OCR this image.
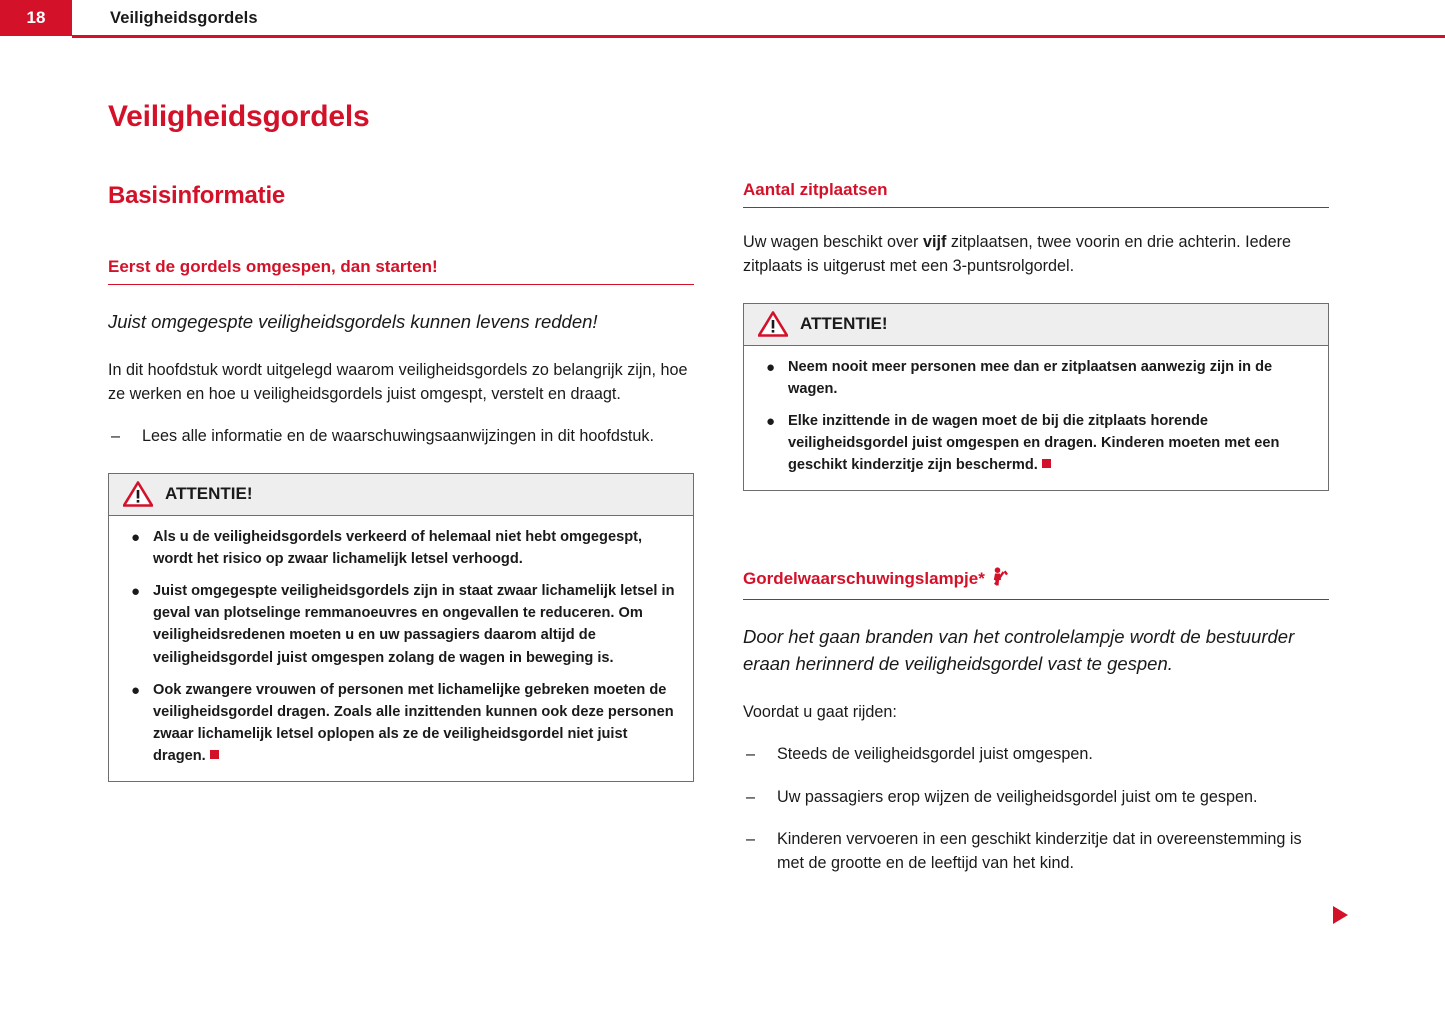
18	Veiligheidsgordels
Veiligheidsgordels
Basisinformatie
Eerst de gordels omgespen, dan starten!

Juist omgegespte veiligheidsgordels kunnen levens redden!

In dit hoofdstuk wordt uitgelegd waarom veiligheidsgordels zo belangrijk zijn, hoe ze werken en hoe u veiligheidsgordels juist omgespt, verstelt en draagt.

– Lees alle informatie en de waarschuwingsaanwijzingen in dit hoofdstuk.
ATTENTIE!
● Als u de veiligheidsgordels verkeerd of helemaal niet hebt omgegespt, wordt het risico op zwaar lichamelijk letsel verhoogd.
● Juist omgegespte veiligheidsgordels zijn in staat zwaar lichamelijk letsel in geval van plotselinge remmanoeuvres en ongevallen te reduceren. Om veiligheidsredenen moeten u en uw passagiers daarom altijd de veiligheidsgordel juist omgespen zolang de wagen in beweging is.
● Ook zwangere vrouwen of personen met lichamelijke gebreken moeten de veiligheidsgordel dragen. Zoals alle inzittenden kunnen ook deze personen zwaar lichamelijk letsel oplopen als ze de veiligheidsgordel niet juist dragen.
Aantal zitplaatsen

Uw wagen beschikt over vijf zitplaatsen, twee voorin en drie achterin. Iedere zitplaats is uitgerust met een 3-puntsrolgordel.

ATTENTIE!
● Neem nooit meer personen mee dan er zitplaatsen aanwezig zijn in de wagen.
● Elke inzittende in de wagen moet de bij die zitplaats horende veiligheidsgordel juist omgespen en dragen. Kinderen moeten met een geschikt kinderzitje zijn beschermd.
Gordelwaarschuwingslampje*

Door het gaan branden van het controlelampje wordt de bestuurder eraan herinnerd de veiligheidsgordel vast te gespen.

Voordat u gaat rijden:

– Steeds de veiligheidsgordel juist omgespen.
– Uw passagiers erop wijzen de veiligheidsgordel juist om te gespen.
– Kinderen vervoeren in een geschikt kinderzitje dat in overeenstemming is met de grootte en de leeftijd van het kind.
